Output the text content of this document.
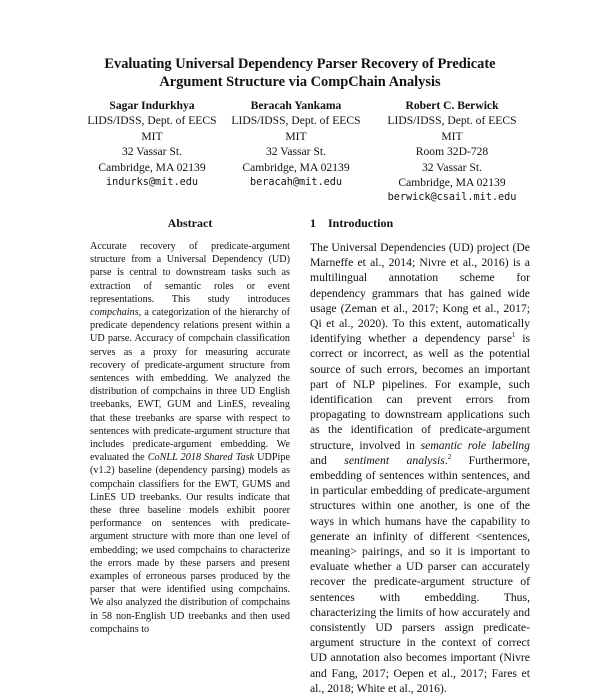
Evaluating Universal Dependency Parser Recovery of Predicate
Argument Structure via CompChain Analysis
Sagar Indurkhya
LIDS/IDSS, Dept. of EECS
MIT
32 Vassar St.
Cambridge, MA 02139
indurks@mit.edu
Beracah Yankama
LIDS/IDSS, Dept. of EECS
MIT
32 Vassar St.
Cambridge, MA 02139
beracah@mit.edu
Robert C. Berwick
LIDS/IDSS, Dept. of EECS
MIT
Room 32D-728
32 Vassar St.
Cambridge, MA 02139
berwick@csail.mit.edu
Abstract	1 Introduction
Accurate recovery of predicate-argument structure from a Universal Dependency (UD) parse is central to downstream tasks such as extraction of semantic roles or event representations. This study introduces compchains, a categorization of the hierarchy of predicate dependency relations present within a UD parse. Accuracy of compchain classification serves as a proxy for measuring accurate recovery of predicate-argument structure from sentences with embedding. We analyzed the distribution of compchains in three UD English treebanks, EWT, GUM and LinES, revealing that these treebanks are sparse with respect to sentences with predicate-argument structure that includes predicate-argument embedding. We evaluated the CoNLL 2018 Shared Task UDPipe (v1.2) baseline (dependency parsing) models as compchain classifiers for the EWT, GUMS and LinES UD treebanks. Our results indicate that these three baseline models exhibit poorer performance on sentences with predicate-argument structure with more than one level of embedding; we used compchains to characterize the errors made by these parsers and present examples of erroneous parses produced by the parser that were identified using compchains. We also analyzed the distribution of compchains in 58 non-English UD treebanks and then used compchains to
The Universal Dependencies (UD) project (De Marneffe et al., 2014; Nivre et al., 2016) is a multilingual annotation scheme for dependency grammars that has gained wide usage (Zeman et al., 2017; Kong et al., 2017; Qi et al., 2020). To this extent, automatically identifying whether a dependency parse$^1$ is correct or incorrect, as well as the potential source of such errors, becomes an important part of NLP pipelines. For example, such identification can prevent errors from propagating to downstream applications such as the identification of predicate-argument structure, involved in semantic role labeling and sentiment analysis.$^2$ Furthermore, embedding of sentences within sentences, and in particular embedding of predicate-argument structures within one another, is one of the ways in which humans have the capability to generate an infinity of different <sentences, meaning> pairings, and so it is important to evaluate whether a UD parser can accurately recover the predicate-argument structure of sentences with embedding. Thus, characterizing the limits of how accurately and consistently UD parsers assign predicate-argument structure in the context of correct UD annotation also becomes important (Nivre and Fang, 2017; Oepen et al., 2017; Fares et al., 2018; White et al., 2016).
